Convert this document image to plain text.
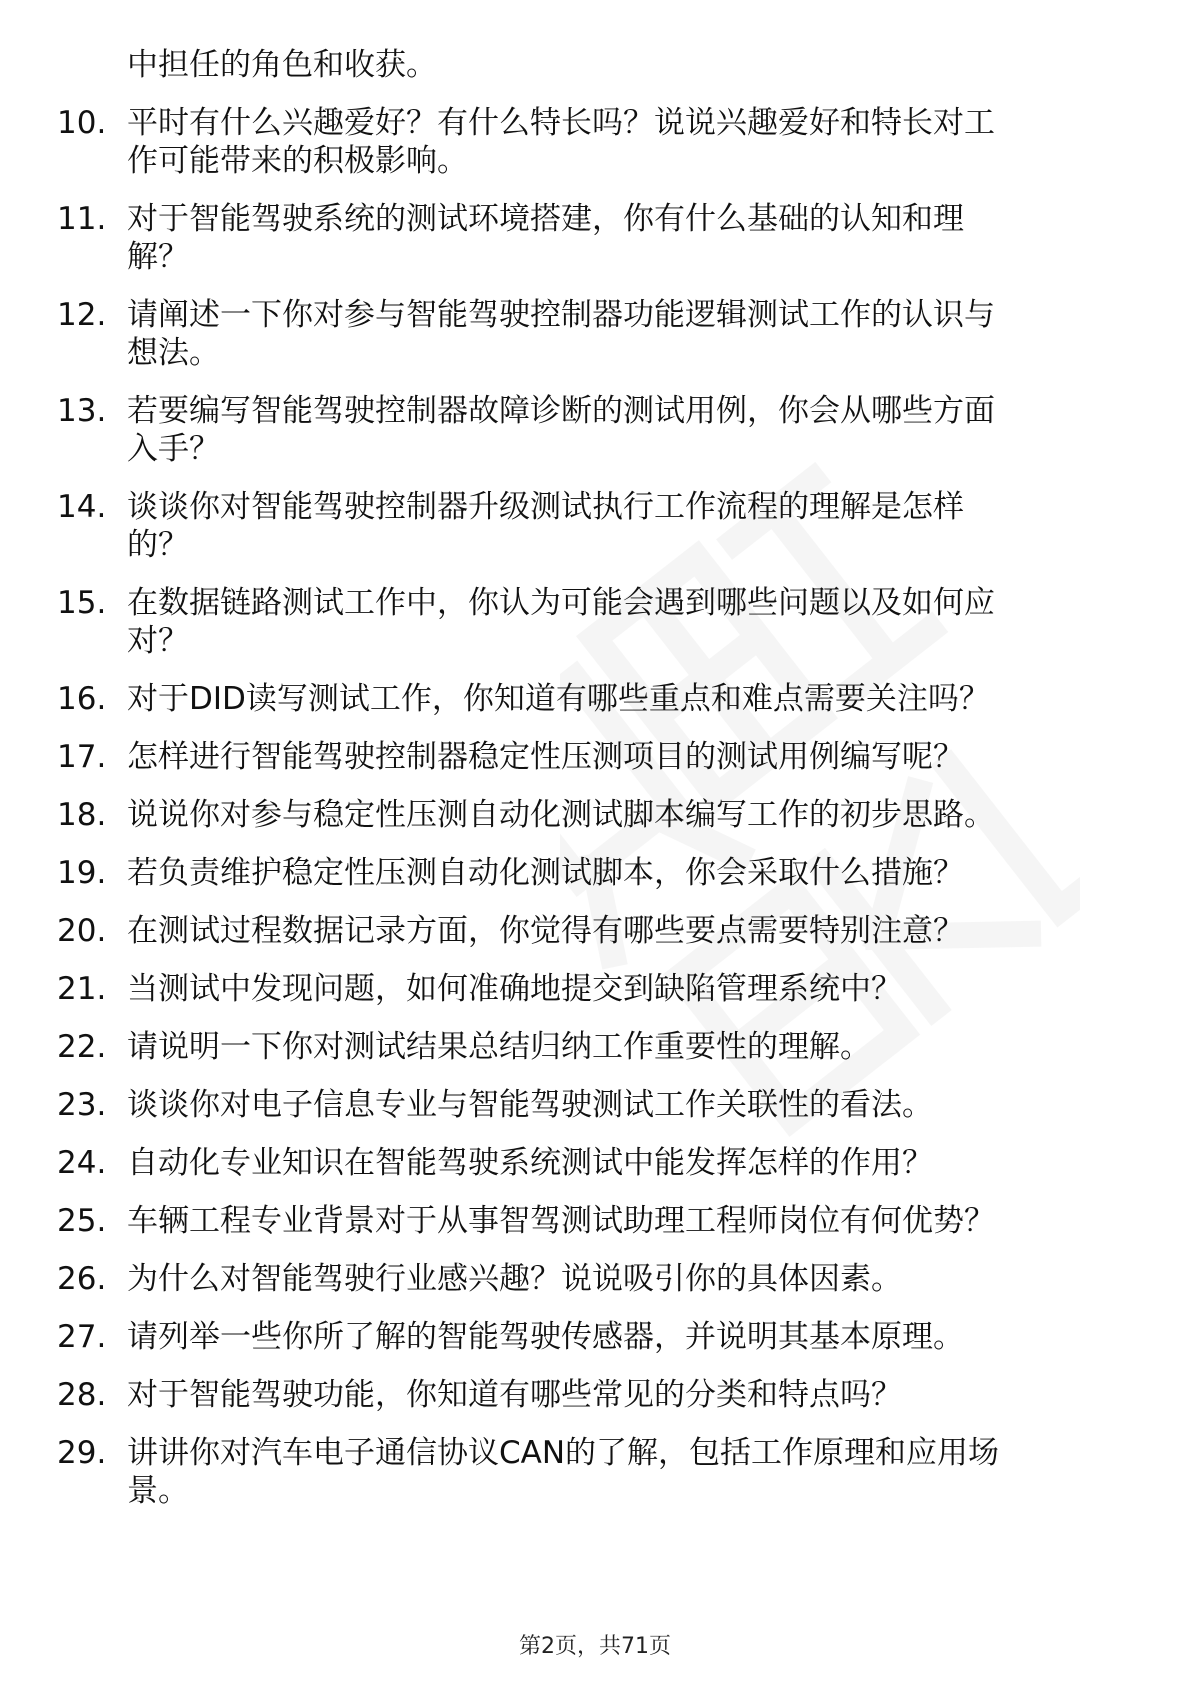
中担任的角色和收获。
10. 平时有什么兴趣爱好？有什么特长吗？说说兴趣爱好和特长对工
作可能带来的积极影响。
11. 对于智能驾驶系统的测试环境搭建，你有什么基础的认知和理
解？
12. 请阐述一下你对参与智能驾驶控制器功能逻辑测试工作的认识与
想法。
13. 若要编写智能驾驶控制器故障诊断的测试用例，你会从哪些方面
入手？
14. 谈谈你对智能驾驶控制器升级测试执行工作流程的理解是怎样
的？
15. 在数据链路测试工作中，你认为可能会遇到哪些问题以及如何应
对？
16. 对于DID读写测试工作，你知道有哪些重点和难点需要关注吗？
17. 怎样进行智能驾驶控制器稳定性压测项目的测试用例编写呢？
18. 说说你对参与稳定性压测自动化测试脚本编写工作的初步思路。
19. 若负责维护稳定性压测自动化测试脚本，你会采取什么措施？
20. 在测试过程数据记录方面，你觉得有哪些要点需要特别注意？
21. 当测试中发现问题，如何准确地提交到缺陷管理系统中？
22. 请说明一下你对测试结果总结归纳工作重要性的理解。
23. 谈谈你对电子信息专业与智能驾驶测试工作关联性的看法。
24. 自动化专业知识在智能驾驶系统测试中能发挥怎样的作用？
25. 车辆工程专业背景对于从事智驾测试助理工程师岗位有何优势？
26. 为什么对智能驾驶行业感兴趣？说说吸引你的具体因素。
27. 请列举一些你所了解的智能驾驶传感器，并说明其基本原理。
28. 对于智能驾驶功能，你知道有哪些常见的分类和特点吗？
29. 讲讲你对汽车电子通信协议CAN的了解，包括工作原理和应用场
景。
第2页，共71页
